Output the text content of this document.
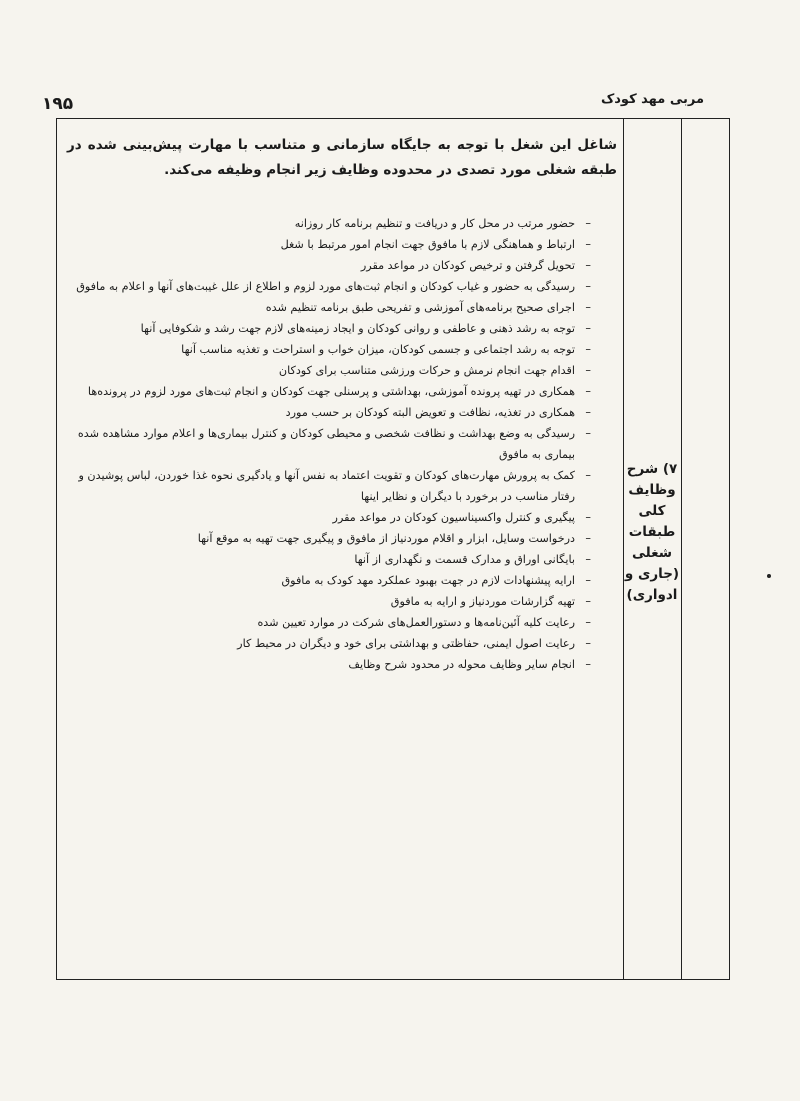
مربی مهد کودک
۱۹۵
۷) شرح
وظایف
کلی
طبقات
شغلی
(جاری و
ادواری)
شاغل این شغل با توجه به جایگاه سازمانی و متناسب با مهارت پیش‌بینی شده در طبقه شغلی مورد تصدی در محدوده وظایف زیر انجام وظیفه می‌کند.
– حضور مرتب در محل کار و دریافت و تنظیم برنامه کار روزانه
– ارتباط و هماهنگی لازم با مافوق جهت انجام امور مرتبط با شغل
– تحویل گرفتن و ترخیص کودکان در مواعد مقرر
– رسیدگی به حضور و غیاب کودکان و انجام ثبت‌های مورد لزوم و اطلاع از علل غیبت‌های آنها و اعلام به مافوق
– اجرای صحیح برنامه‌های آموزشی و تفریحی طبق برنامه تنظیم شده
– توجه به رشد ذهنی و عاطفی و روانی کودکان و ایجاد زمینه‌های لازم جهت رشد و شکوفایی آنها
– توجه به رشد اجتماعی و جسمی کودکان، میزان خواب و استراحت و تغذیه مناسب آنها
– اقدام جهت انجام نرمش و حرکات ورزشی متناسب برای کودکان
– همکاری در تهیه پرونده آموزشی، بهداشتی و پرسنلی جهت کودکان و انجام ثبت‌های مورد لزوم در پرونده‌ها
– همکاری در تغذیه، نظافت و تعویض البته کودکان بر حسب مورد
– رسیدگی به وضع بهداشت و نظافت شخصی و محیطی کودکان و کنترل بیماری‌ها و اعلام موارد مشاهده شده بیماری به مافوق
– کمک به پرورش مهارت‌های کودکان و تقویت اعتماد به نفس آنها و یادگیری نحوه غذا خوردن، لباس پوشیدن و رفتار مناسب در برخورد با دیگران و نظایر اینها
– پیگیری و کنترل واکسیناسیون کودکان در مواعد مقرر
– درخواست وسایل، ابزار و اقلام موردنیاز از مافوق و پیگیری جهت تهیه به موقع آنها
– بایگانی اوراق و مدارک قسمت و نگهداری از آنها
– ارایه پیشنهادات لازم در جهت بهبود عملکرد مهد کودک به مافوق
– تهیه گزارشات موردنیاز و ارایه به مافوق
– رعایت کلیه آئین‌نامه‌ها و دستورالعمل‌های شرکت در موارد تعیین شده
– رعایت اصول ایمنی، حفاظتی و بهداشتی برای خود و دیگران در محیط کار
– انجام سایر وظایف محوله در محدود شرح وظایف
